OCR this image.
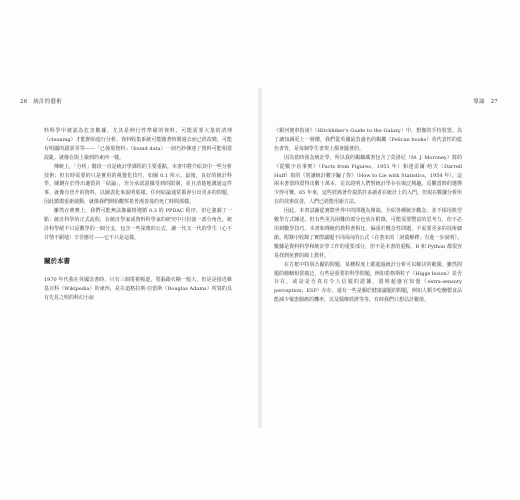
26 統計的藝術

料科學中被認為危害數據，尤其是例行性準備的資料，可能需要大量的清理（cleaning）才能開始進行分析。資料收集系統可能隨著時間過去而已經改變，可能有明顯的錯誤等等——「已發現資料」（found data）一詞巧妙傳達了資料可能相當混亂。就像在街上撿到的東西一樣。

傳統上，「分析」階段一直是統計學課程的主要重點。本書中將介紹其中一些分析技術；但有時需要的只是實用的視覺化技巧，如圖 0.1 所示。最後，良好的統計科學，關鍵在於得出適當的「結論」，充分承認證據受到的限制，並且清楚地溝通這件事，就像有晉升的資料，以圖表化來說明那樣。任何結論通常都會引出更多的問題，因此循環重新啟動，就像我們開始觀察希普漫善曼的死亡時間那樣。

雖然在實務上，我們可能無法像嚴格遵循 0.3 的 PPDAC 程序，但它強調了一點：統計科學的正式流程，在統計學家或資料科學家的研究中只扮演一部分角色。統計科學絕不只是數學的一個分支，包含一些深奧的公式，讓一代又一代的學生（心不甘情不願地）辛苦應付——它不只是這樣。

關於本書

1970 年代我在英國念書時，只有三個電視頻道，電腦跟衣櫥一般大，但是是接近維基百科（Wikipedia）的東西，是在道格拉斯·亞當斯（Douglas Adams）所寫的具有先見之明的科幻小說

導論 27

《銀河便車指南》（Hitchhiker's Guide to the Galaxy）中，想像的手持裝置。為了讓知識更上一層樓，我們從英國最負盛名的鵜鶘（Pelican books）英代表性的藍色書背，是每個學生書架上都會擺著的。

因為當時我念統計學，所以我的鵜鶘藏書包含了莫洛尼（M. J. Moroney）寫的《從數字看事實》（Facts from Figures，1951 年）和達雷爾·哈夫（Darrell Huff）寫的《別讓統計數字騙了你》（How to Lie with Statistics，1954 年）。這兩本書當時賣得出數十萬本，足以證明人們對統計學存在廣泛興趣。反觀當時的選擇少得可憐，65 年來，這些經典著作提供許多讀者在統計上的入門，但現在數據分析所在的技術改善，人們已經能用新方法。

因此，本書試圖從實際世界中的問題為開端，介紹各種統計觀念，並不採用典型數學方式陳述。但有些更為困難的部分也放在附錄，可能需要豐富的思考力，但不必用到數學技巧。本書和傳統的教科書相比，偏重於概念性問題，不需要更多的技術細節。附錄中收錄了實際議題不同面向的公式（在書末的「詞彙解釋」有進一步說明）。數據是資料科學和統計學工作的重要部分，但不是本書的重點。R 和 Python 都很容易找到免費的線上教材。

在方框中特別凸顯的問題，某種程度上都超過統計分析可以解決的範圍。雖然問題的範疇相當廣泛，有些是重要的科學問題，例如希格斯粒子（Higgs boson）是否存在，或是是否真有令人信服的證據，證明超感官知覺（extra-sensory perception；ESP）存在。還有一些是關於健康議題的問題，例如人類少吃醃製食品能減少罹患腸癌的機率，以及醫療經濟等等。有時我們只想估計數值。
